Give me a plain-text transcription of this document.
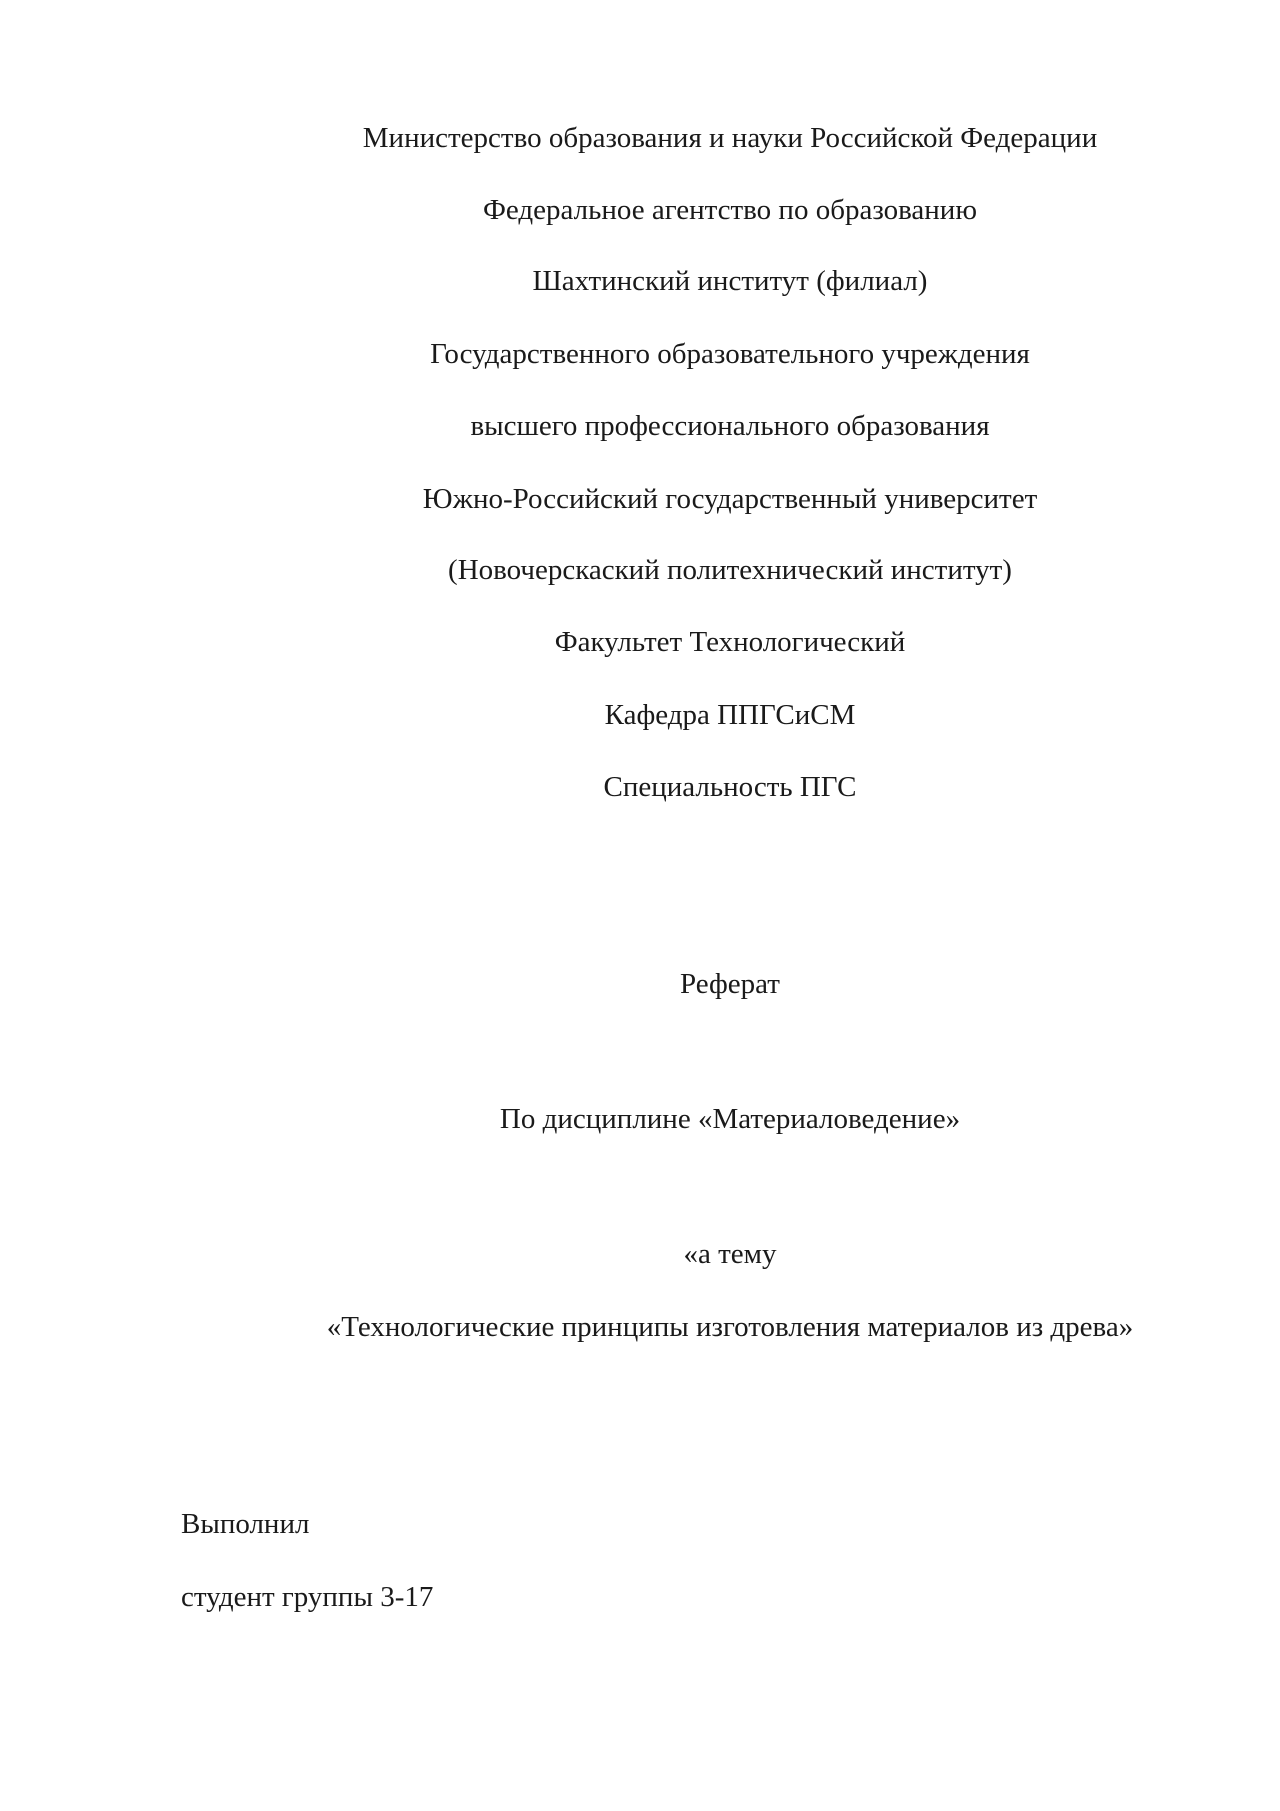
Министерство образования и науки Российской Федерации
Федеральное агентство по образованию
Шахтинский институт (филиал)
Государственного образовательного учреждения
высшего профессионального образования
Южно-Российский государственный университет
(Новочерскаский политехнический институт)
Факультет Технологический
Кафедра ППГСиСМ
Специальность ПГС
Реферат
По дисциплине «Материаловедение»
«а тему
«Технологические принципы изготовления материалов из древа»
Выполнил
студент группы 3-17
